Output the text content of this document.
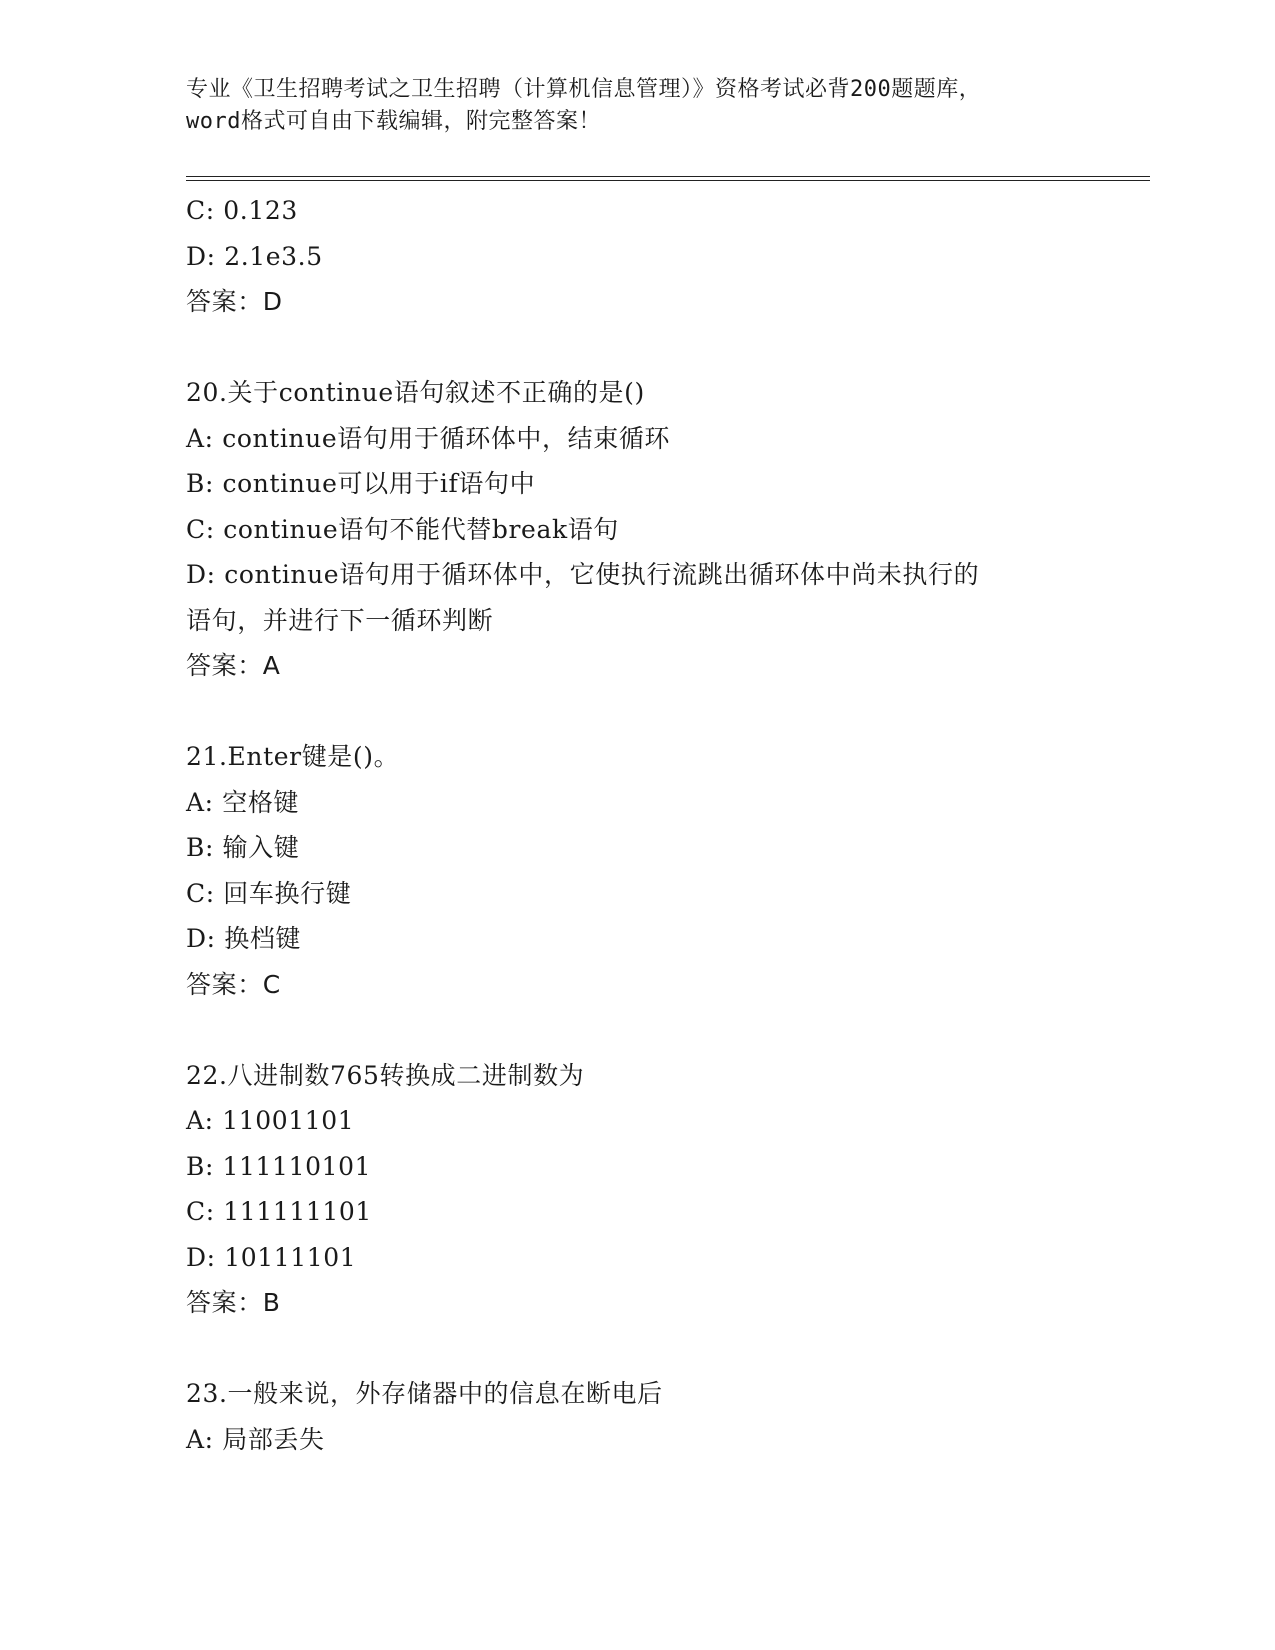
专业《卫生招聘考试之卫生招聘（计算机信息管理）》资格考试必背200题题库，
word格式可自由下载编辑，附完整答案！
C: 0.123
D: 2.1e3.5
答案：D
20.关于continue语句叙述不正确的是()
A: continue语句用于循环体中，结束循环
B: continue可以用于if语句中
C: continue语句不能代替break语句
D: continue语句用于循环体中，它使执行流跳出循环体中尚未执行的
语句，并进行下一循环判断
答案：A
21.Enter键是()。
A: 空格键
B: 输入键
C: 回车换行键
D: 换档键
答案：C
22.八进制数765转换成二进制数为
A: 11001101
B: 111110101
C: 111111101
D: 10111101
答案：B
23.一般来说，外存储器中的信息在断电后
A: 局部丢失
